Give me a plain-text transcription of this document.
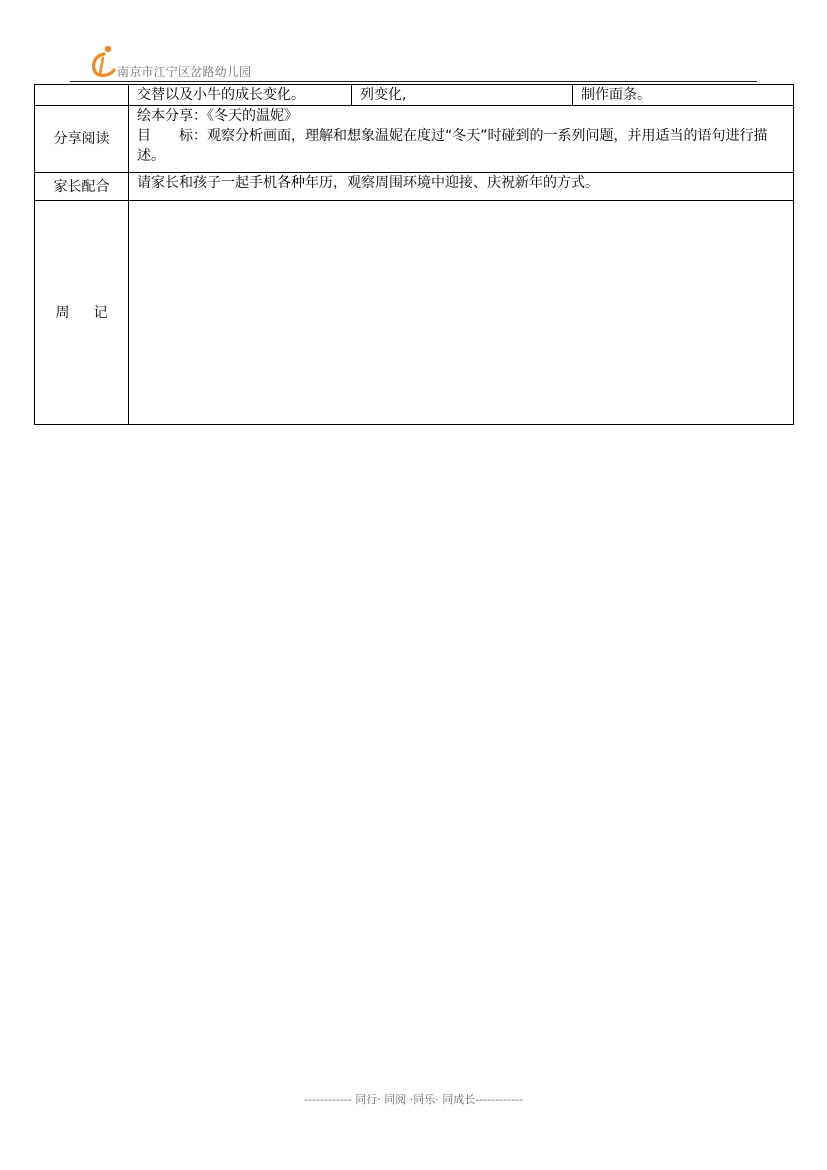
南京市江宁区岔路幼儿园
	交替以及小牛的成长变化。	列变化,	制作面条。
分享阅读	绘本分享：《冬天的温妮》
目　　标：观察分析画面，理解和想象温妮在度过“冬天”时碰到的一系列问题，并用适当的语句进行描述。		

家长配合	请家长和孩子一起手机各种年历，观察周围环境中迎接、庆祝新年的方式。		
周 记			
------------ 同行· 同阅 ·同乐· 同成长------------
